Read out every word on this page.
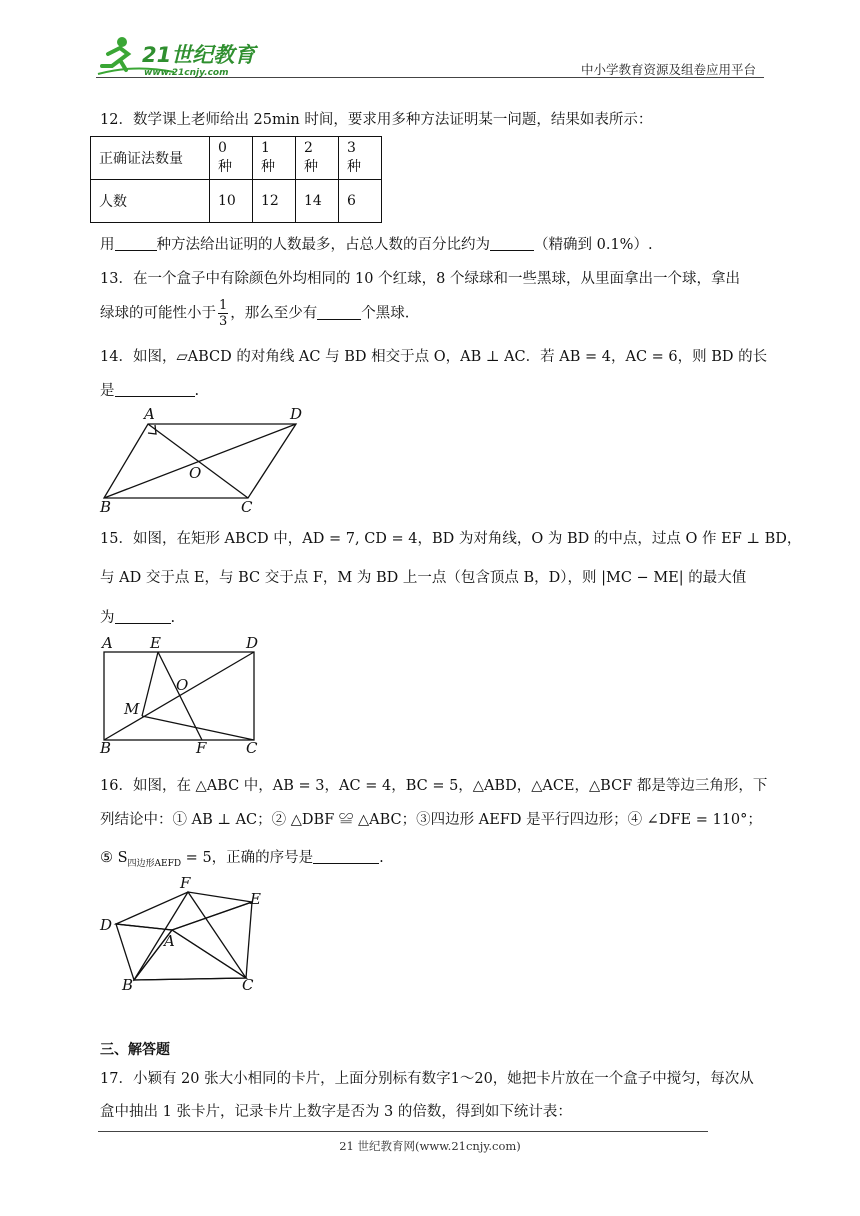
21世纪教育
www.21cnjy.com	中小学教育资源及组卷应用平台
12．数学课上老师给出 25min 时间，要求用多种方法证明某一问题，结果如表所示：
正确证法数量	0 种	1 种	2 种	3 种
人数	10	12	14	6
用	种方法给出证明的人数最多，占总人数的百分比约为	（精确到 0.1%）.
13．在一个盒子中有除颜色外均相同的 10 个红球，8 个绿球和一些黑球，从里面拿出一个球，拿出
绿球的可能性小于 $\frac{1}{3}$ ，那么至少有	个黑球.
14．如图，▱ABCD 的对角线 AC 与 BD 相交于点 O，AB ⊥ AC．若 AB = 4，AC = 6，则 BD 的长
是	.
A	D
B	C
O
15．如图，在矩形 ABCD 中，AD = 7, CD = 4，BD 为对角线，O 为 BD 的中点，过点 O 作 EF ⊥ BD，
与 AD 交于点 E，与 BC 交于点 F，M 为 BD 上一点（包含顶点 B，D），则 |MC − ME| 的最大值
为	.
A E	D
O
M
B	F	C
16．如图，在 △ABC 中，AB = 3，AC = 4，BC = 5，△ABD，△ACE，△BCF 都是等边三角形，下
列结论中：① AB ⊥ AC；② △DBF ≌ △ABC；③四边形 AEFD 是平行四边形；④ ∠DFE = 110°；
⑤ $S_{四边形AEFD} = 5$，正确的序号是	.
F
E
D
A
B	C
三、解答题
17．小颖有 20 张大小相同的卡片，上面分别标有数字1～20，她把卡片放在一个盒子中搅匀，每次从
盒中抽出 1 张卡片，记录卡片上数字是否为 3 的倍数，得到如下统计表：
21 世纪教育网(www.21cnjy.com)
